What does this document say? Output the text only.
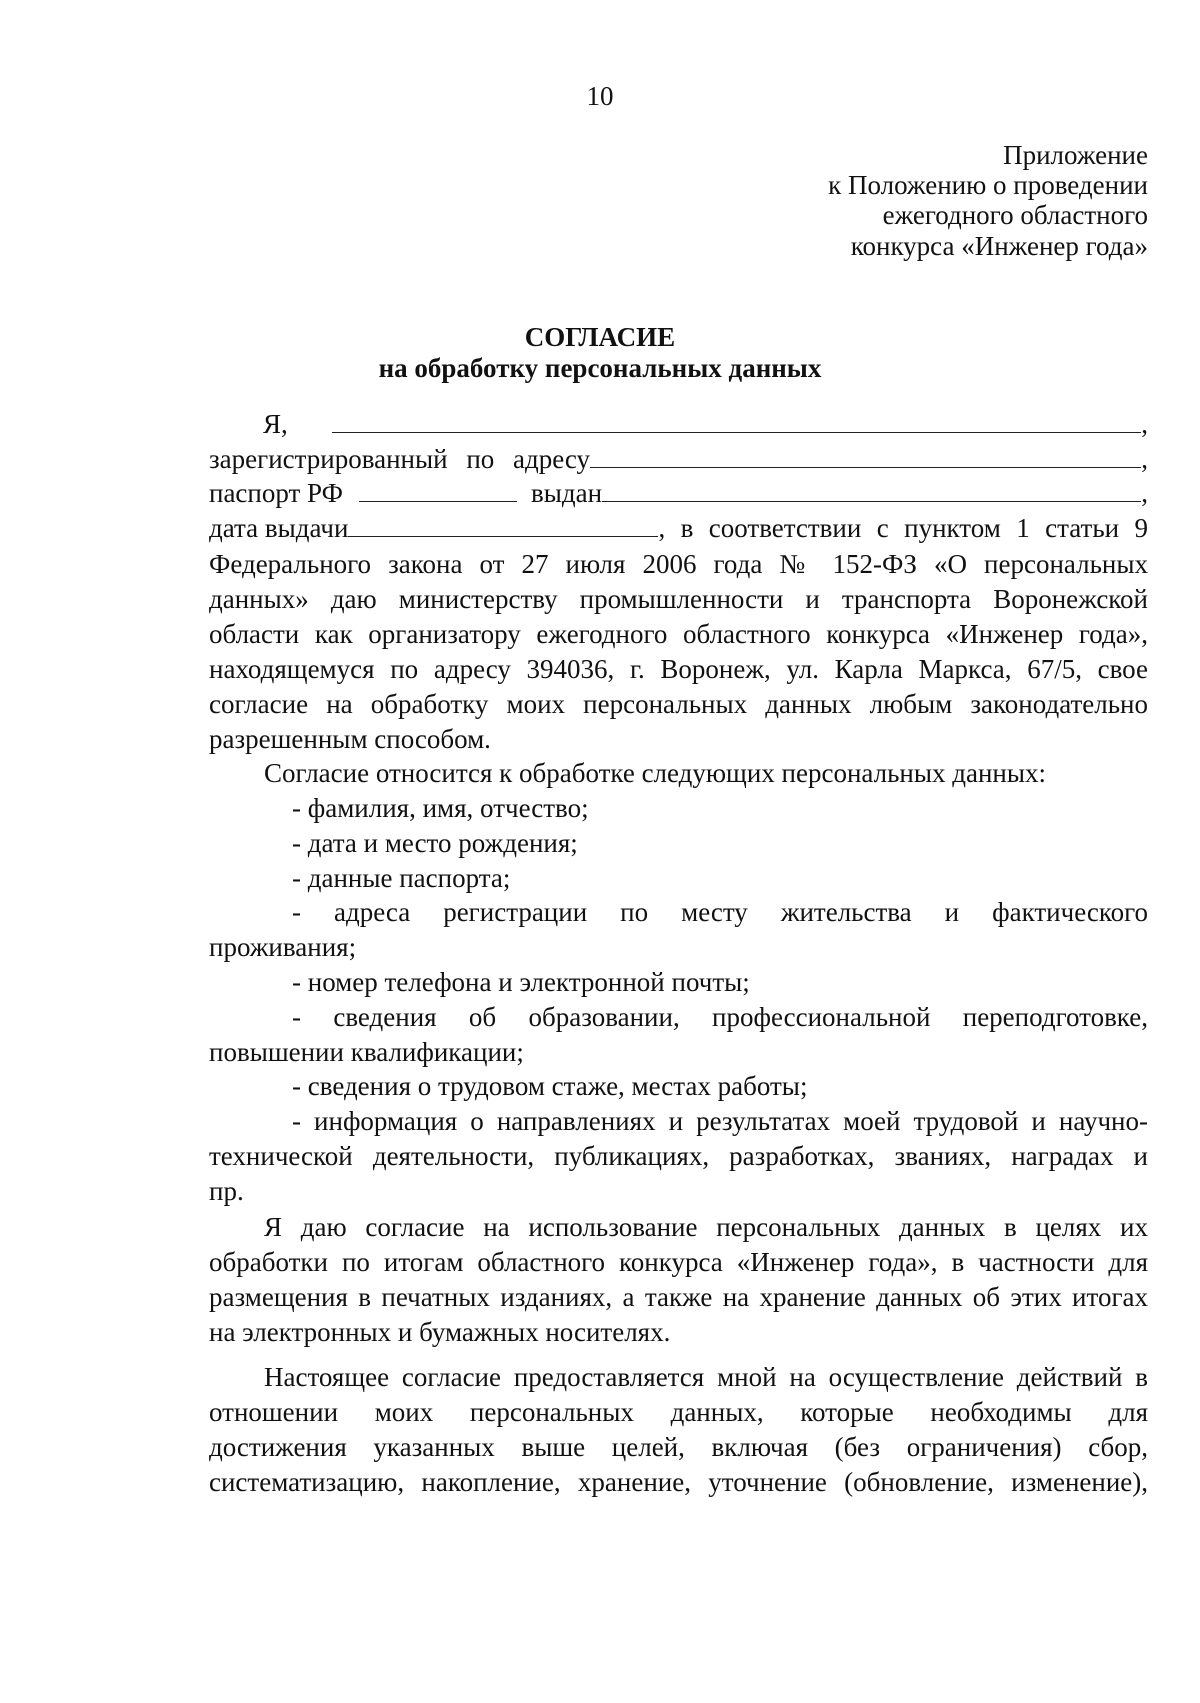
10
Приложение
к Положению о проведении
ежегодного областного
конкурса «Инженер года»
СОГЛАСИЕ
на обработку персональных данных
Я,	,
зарегистрированный по адресу	,
паспорт РФ	выдан	,
дата выдачи	, в соответствии с пунктом 1 статьи 9
Федерального закона от 27 июля 2006 года № 152-ФЗ «О персональных
данных» даю министерству промышленности и транспорта Воронежской
области как организатору ежегодного областного конкурса «Инженер года»,
находящемуся по адресу 394036, г. Воронеж, ул. Карла Маркса, 67/5, свое
согласие на обработку моих персональных данных любым законодательно
разрешенным способом.
Согласие относится к обработке следующих персональных данных:
- фамилия, имя, отчество;
- дата и место рождения;
- данные паспорта;
- адреса регистрации по месту жительства и фактического
проживания;
- номер телефона и электронной почты;
- сведения об образовании, профессиональной переподготовке,
повышении квалификации;
- сведения о трудовом стаже, местах работы;
- информация о направлениях и результатах моей трудовой и научно-
технической деятельности, публикациях, разработках, званиях, наградах и
пр.
Я даю согласие на использование персональных данных в целях их
обработки по итогам областного конкурса «Инженер года», в частности для
размещения в печатных изданиях, а также на хранение данных об этих итогах
на электронных и бумажных носителях.
Настоящее согласие предоставляется мной на осуществление действий в
отношении моих персональных данных, которые необходимы для
достижения указанных выше целей, включая (без ограничения) сбор,
систематизацию, накопление, хранение, уточнение (обновление, изменение),
